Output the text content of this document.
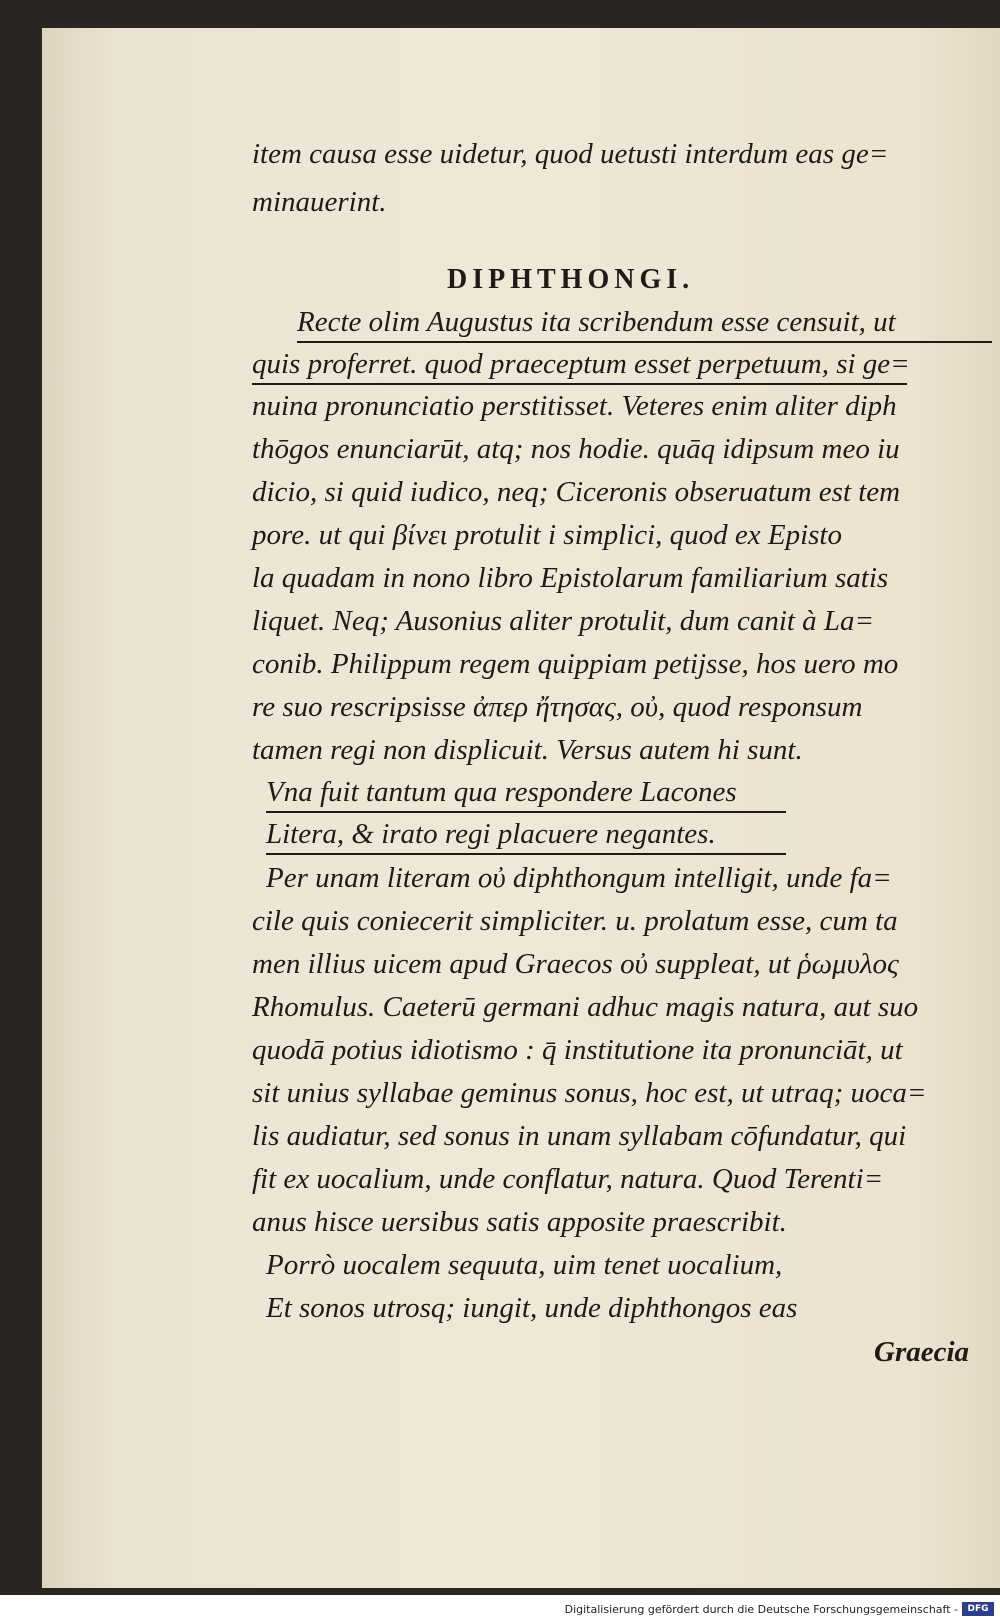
item causa esse uidetur, quod uetusti interdum eas ge=
minauerint.
DIPHTHONGI.
Recte olim Augustus ita scribendum esse censuit, ut
quis proferret. quod praeceptum esset perpetuum, si ge=
nuina pronunciatio perstitisset. Veteres enim aliter diph
thōgos enunciarūt, atq; nos hodie. quāq idipsum meo iu
dicio, si quid iudico, neq; Ciceronis obseruatum est tem
pore. ut qui βίνει protulit i simplici, quod ex Episto
la quadam in nono libro Epistolarum familiarium satis
liquet. Neq; Ausonius aliter protulit, dum canit à La=
conib. Philippum regem quippiam petijsse, hos uero mo
re suo rescripsisse ἀπερ ἤτησας, οὐ, quod responsum
tamen regi non displicuit. Versus autem hi sunt.
Vna fuit tantum qua respondere Lacones
Litera, & irato regi placuere negantes.
Per unam literam οὐ diphthongum intelligit, unde fa=
cile quis coniecerit simpliciter. u. prolatum esse, cum ta
men illius uicem apud Graecos οὐ suppleat, ut ῥωμυλος
Rhomulus. Caeterū germani adhuc magis natura, aut suo
quodā potius idiotismo : q̄ institutione ita pronunciāt, ut
sit unius syllabae geminus sonus, hoc est, ut utraq; uoca=
lis audiatur, sed sonus in unam syllabam cōfundatur, qui
fit ex uocalium, unde conflatur, natura. Quod Terenti=
anus hisce uersibus satis apposite praescribit.
Porrò uocalem sequuta, uim tenet uocalium,
Et sonos utrosq; iungit, unde diphthongos eas
Graecia
Digitalisierung gefördert durch die Deutsche Forschungsgemeinschaft -	DFG
